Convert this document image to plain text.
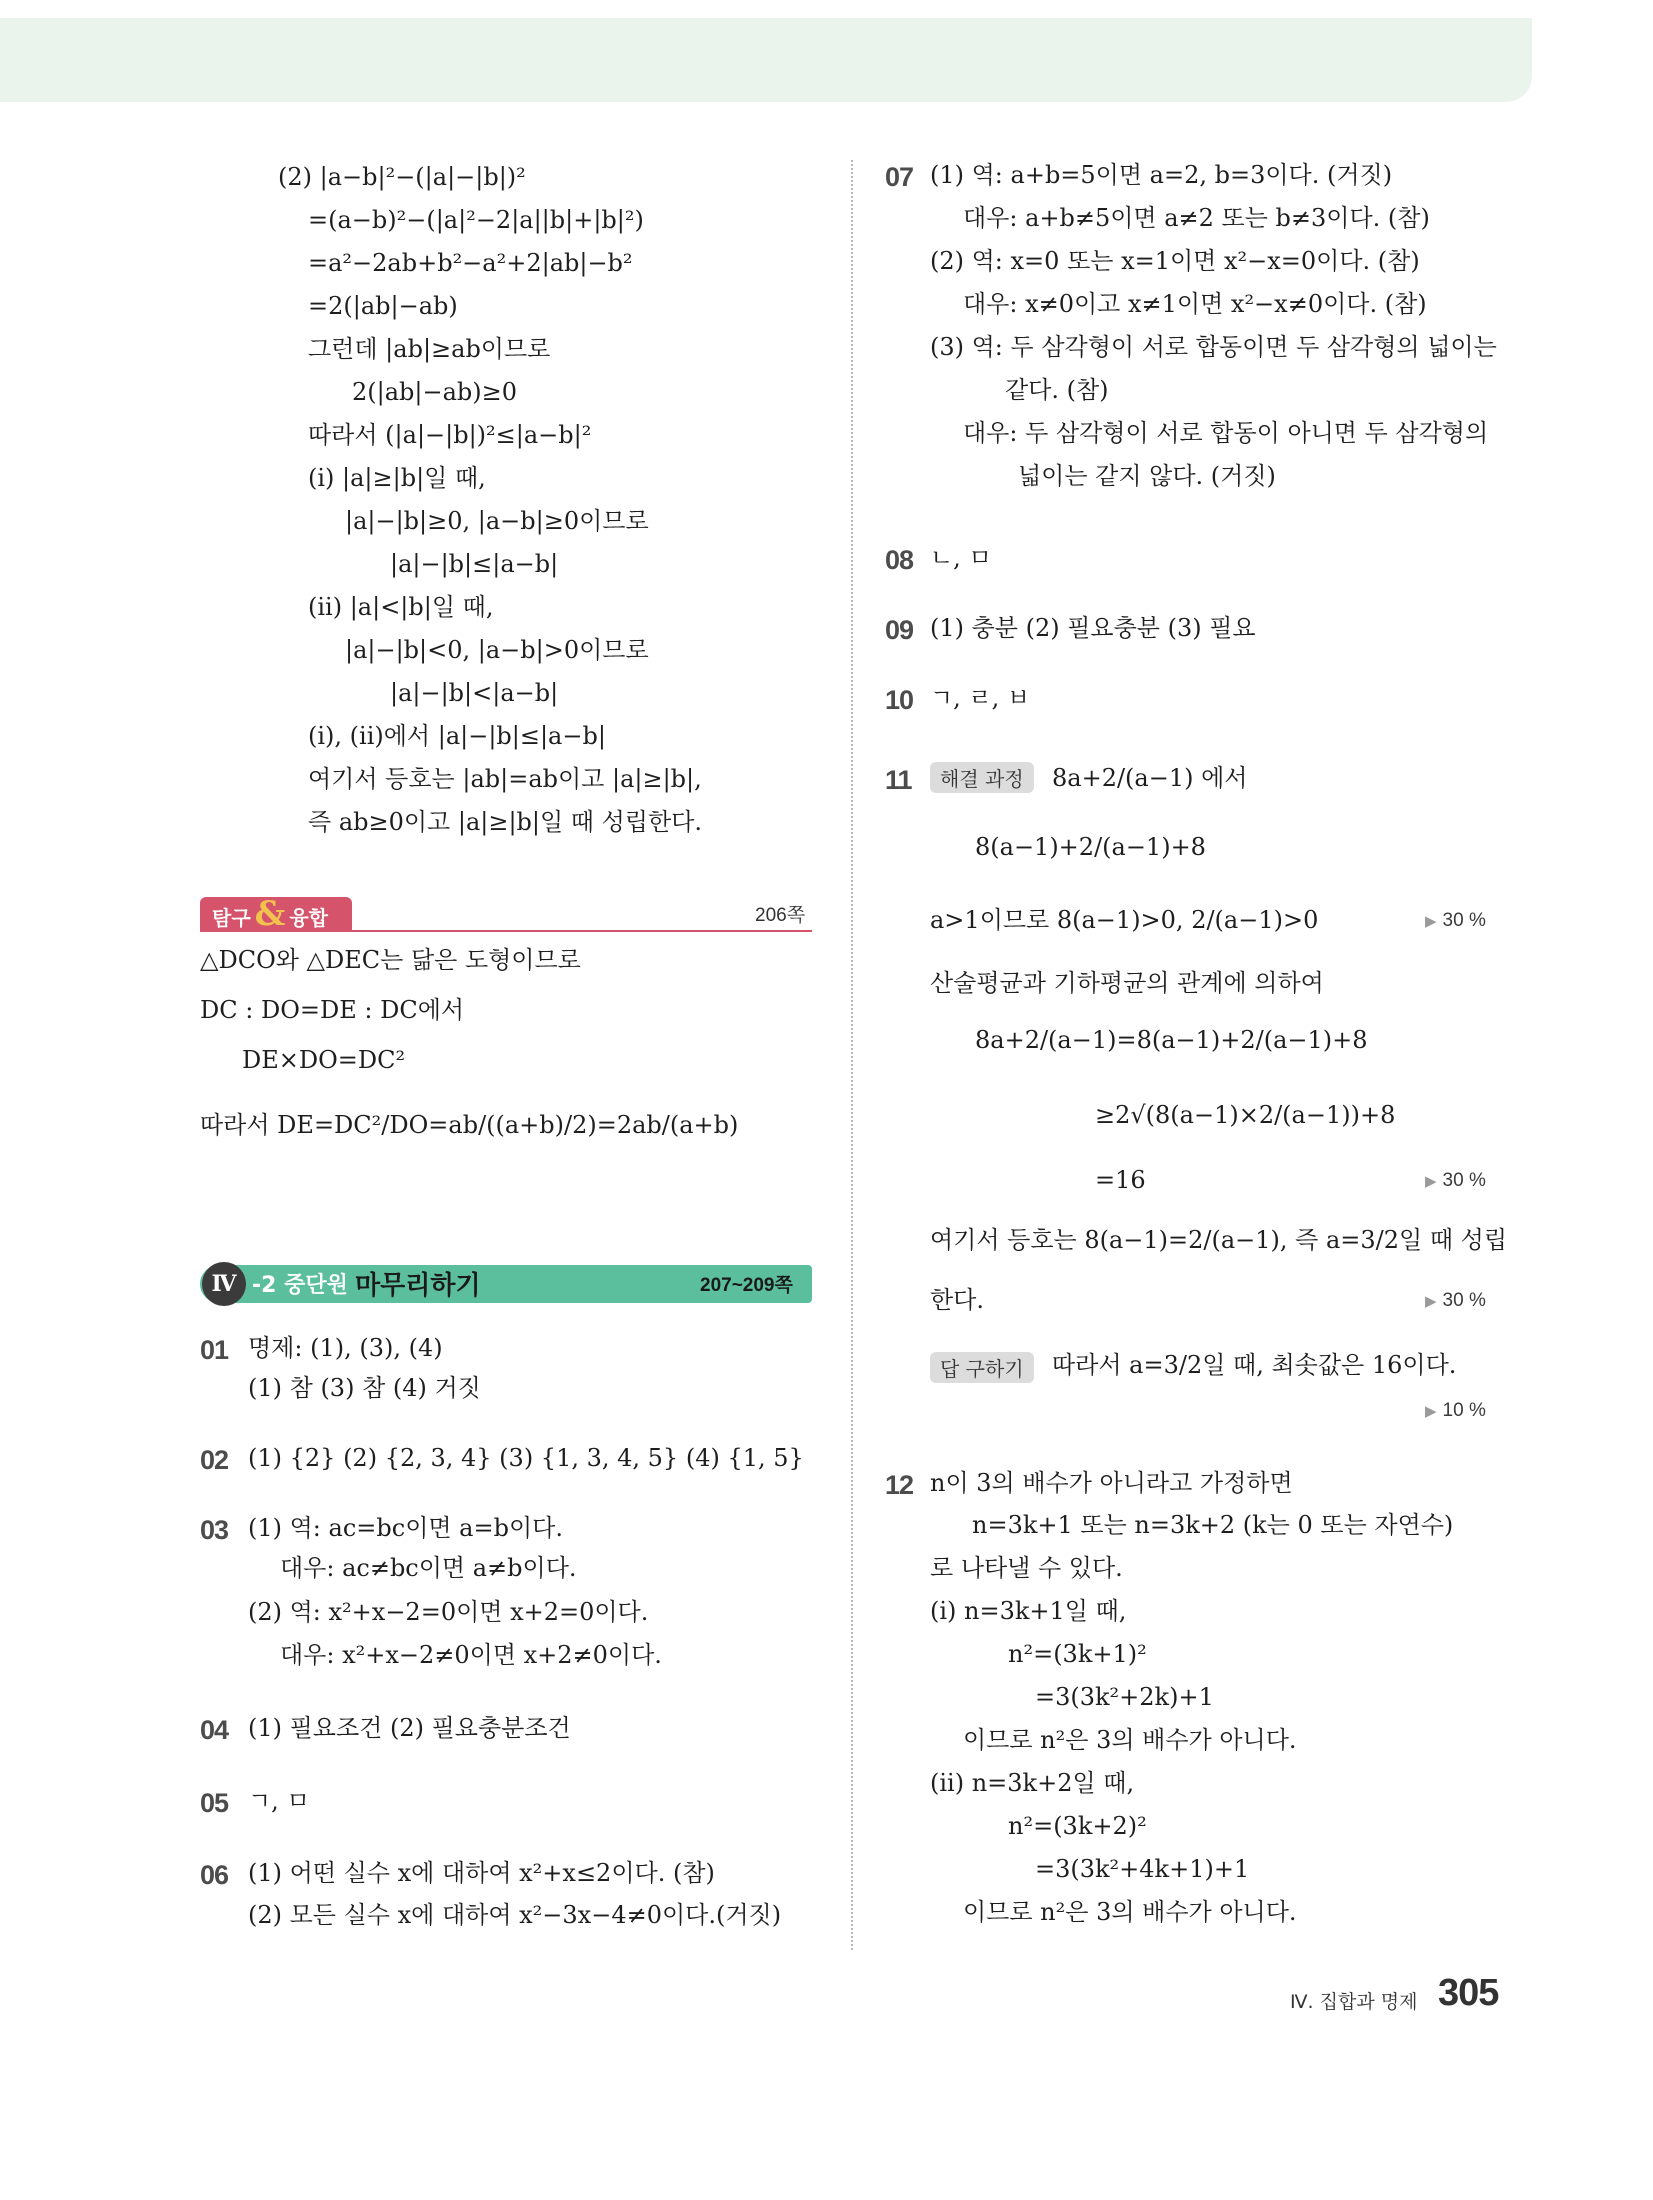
(2) |a−b|²−(|a|−|b|)²
=(a−b)²−(|a|²−2|a||b|+|b|²)
=a²−2ab+b²−a²+2|ab|−b²
=2(|ab|−ab)
그런데 |ab|≥ab이므로
2(|ab|−ab)≥0
따라서 (|a|−|b|)²≤|a−b|²
(i) |a|≥|b|일 때,
|a|−|b|≥0, |a−b|≥0이므로
|a|−|b|≤|a−b|
(ii) |a|<|b|일 때,
|a|−|b|<0, |a−b|>0이므로
|a|−|b|<|a−b|
(i), (ii)에서 |a|−|b|≤|a−b|
여기서 등호는 |ab|=ab이고 |a|≥|b|,
즉 ab≥0이고 |a|≥|b|일 때 성립한다.
탐구 & 융합	206쪽
△DCO와 △DEC는 닮은 도형이므로
DC : DO=DE : DC에서
DE×DO=DC²
따라서 DE=DC²/DO=ab/((a+b)/2)=2ab/(a+b)
Ⅳ -2 중단원 마무리하기	207~209쪽
01 명제: (1), (3), (4)
(1) 참 (3) 참 (4) 거짓
02 (1) {2} (2) {2, 3, 4} (3) {1, 3, 4, 5} (4) {1, 5}
03 (1) 역: ac=bc이면 a=b이다.
대우: ac≠bc이면 a≠b이다.
(2) 역: x²+x−2=0이면 x+2=0이다.
대우: x²+x−2≠0이면 x+2≠0이다.
04 (1) 필요조건 (2) 필요충분조건
05 ㄱ, ㅁ
06 (1) 어떤 실수 x에 대하여 x²+x≤2이다. (참)
(2) 모든 실수 x에 대하여 x²−3x−4≠0이다.(거짓)
07 (1) 역: a+b=5이면 a=2, b=3이다. (거짓)
대우: a+b≠5이면 a≠2 또는 b≠3이다. (참)
(2) 역: x=0 또는 x=1이면 x²−x=0이다. (참)
대우: x≠0이고 x≠1이면 x²−x≠0이다. (참)
(3) 역: 두 삼각형이 서로 합동이면 두 삼각형의 넓이는
같다. (참)
대우: 두 삼각형이 서로 합동이 아니면 두 삼각형의
넓이는 같지 않다. (거짓)
08 ㄴ, ㅁ
09 (1) 충분 (2) 필요충분 (3) 필요
10 ㄱ, ㄹ, ㅂ
11	해결 과정	8a+2/(a−1) 에서
8(a−1)+2/(a−1)+8
a>1이므로 8(a−1)>0, 2/(a−1)>0	▶ 30 %
산술평균과 기하평균의 관계에 의하여
8a+2/(a−1)=8(a−1)+2/(a−1)+8
≥2√(8(a−1)×2/(a−1))+8
=16	▶ 30 %
여기서 등호는 8(a−1)=2/(a−1), 즉 a=3/2일 때 성립
한다.	▶ 30 %
답 구하기	따라서 a=3/2일 때, 최솟값은 16이다.
▶ 10 %
12 n이 3의 배수가 아니라고 가정하면
n=3k+1 또는 n=3k+2 (k는 0 또는 자연수)
로 나타낼 수 있다.
(i) n=3k+1일 때,
n²=(3k+1)²
=3(3k²+2k)+1
이므로 n²은 3의 배수가 아니다.
(ii) n=3k+2일 때,
n²=(3k+2)²
=3(3k²+4k+1)+1
이므로 n²은 3의 배수가 아니다.
Ⅳ. 집합과 명제 305
